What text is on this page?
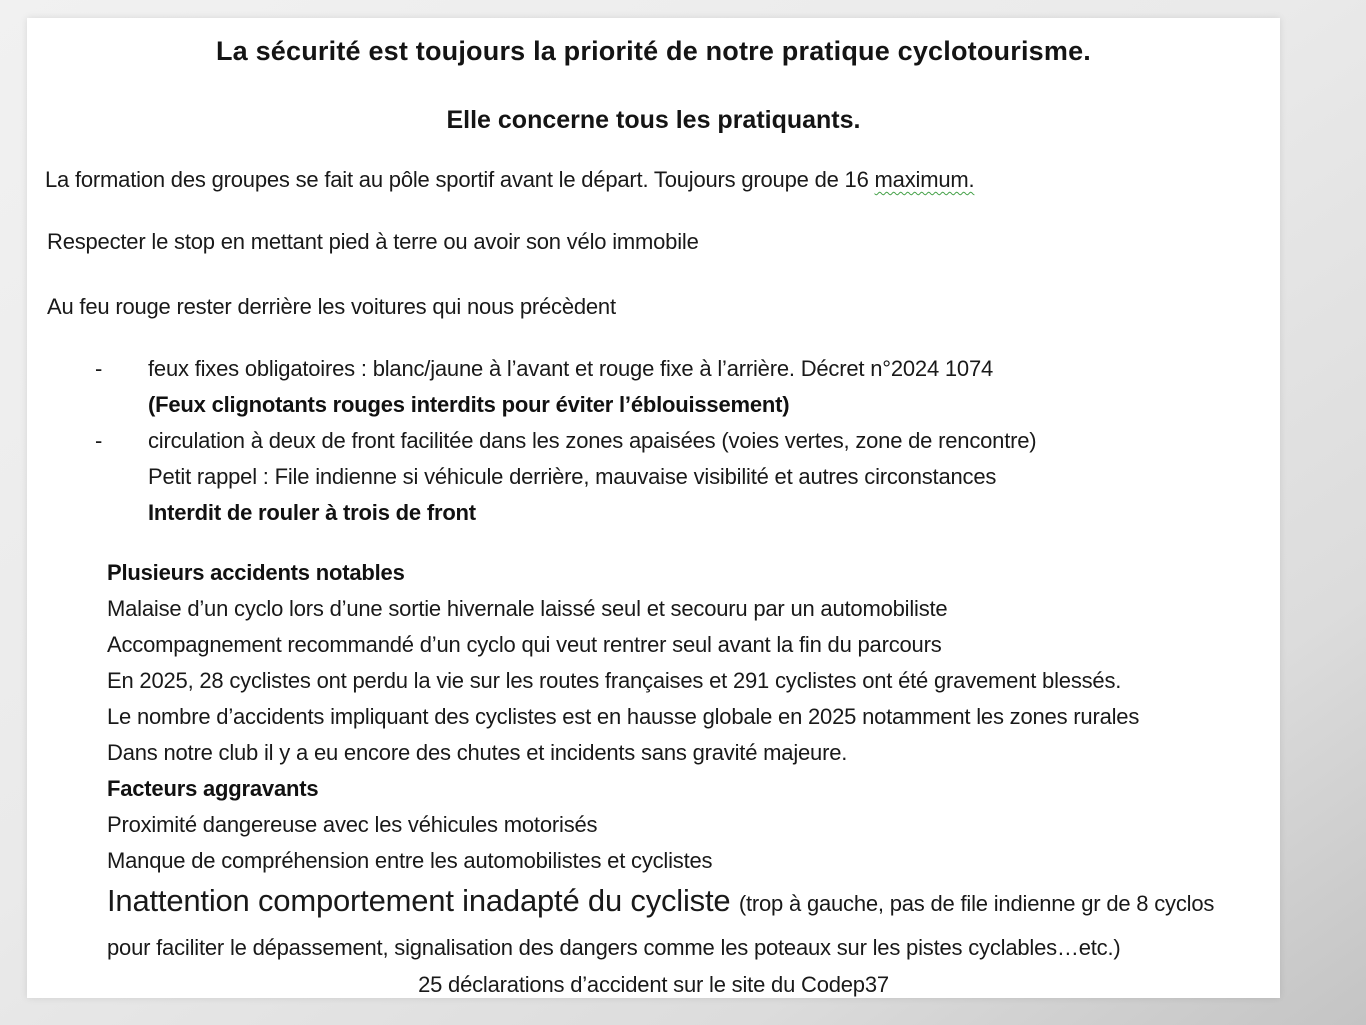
La sécurité est toujours la priorité de notre pratique cyclotourisme.
Elle concerne tous les pratiquants.
La formation des groupes se fait au pôle sportif avant le départ. Toujours groupe de 16 maximum.
Respecter le stop en mettant pied à terre ou avoir son vélo immobile
Au feu rouge rester derrière les voitures qui nous précèdent
-	feux fixes obligatoires : blanc/jaune à l’avant et rouge fixe à l’arrière. Décret n°2024 1074
(Feux clignotants rouges interdits pour éviter l’éblouissement)
-	circulation à deux de front facilitée dans les zones apaisées (voies vertes, zone de rencontre)
Petit rappel : File indienne si véhicule derrière, mauvaise visibilité et autres circonstances
Interdit de rouler à trois de front
Plusieurs accidents notables
Malaise d’un cyclo lors d’une sortie hivernale laissé seul et secouru par un automobiliste
Accompagnement recommandé d’un cyclo qui veut rentrer seul avant la fin du parcours
En 2025, 28 cyclistes ont perdu la vie sur les routes françaises et 291 cyclistes ont été gravement blessés.
Le nombre d’accidents impliquant des cyclistes est en hausse globale en 2025 notamment les zones rurales
Dans notre club il y a eu encore des chutes et incidents sans gravité majeure.
Facteurs aggravants
Proximité dangereuse avec les véhicules motorisés
Manque de compréhension entre les automobilistes et cyclistes
Inattention comportement inadapté du cycliste (trop à gauche, pas de file indienne gr de 8 cyclos
pour faciliter le dépassement, signalisation des dangers comme les poteaux sur les pistes cyclables…etc.)
25 déclarations d’accident sur le site du Codep37
